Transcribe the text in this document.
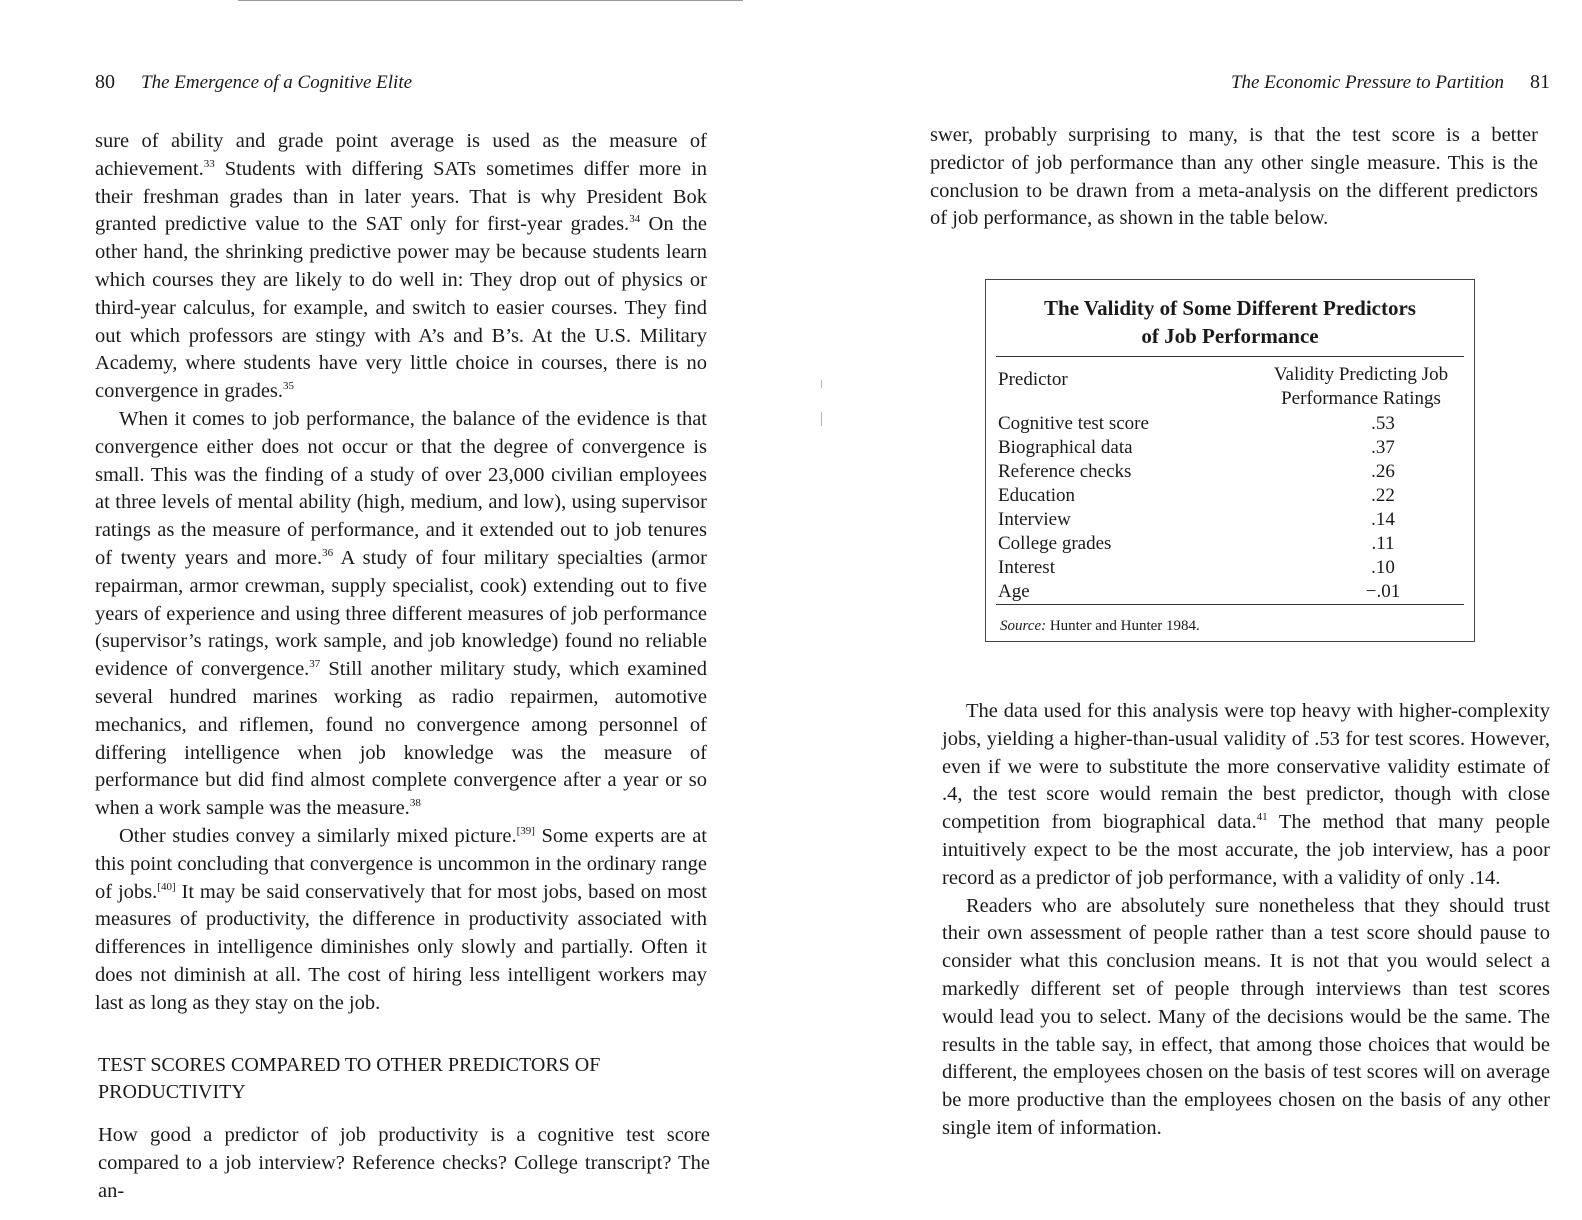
80 The Emergence of a Cognitive Elite

sure of ability and grade point average is used as the measure of achievement.$^{33}$ Students with differing SATs sometimes differ more in their freshman grades than in later years. That is why President Bok granted predictive value to the SAT only for first-year grades.$^{34}$ On the other hand, the shrinking predictive power may be because students learn which courses they are likely to do well in: They drop out of physics or third-year calculus, for example, and switch to easier courses. They find out which professors are stingy with A’s and B’s. At the U.S. Military Academy, where students have very little choice in courses, there is no convergence in grades.$^{35}$

When it comes to job performance, the balance of the evidence is that convergence either does not occur or that the degree of convergence is small. This was the finding of a study of over 23,000 civilian employees at three levels of mental ability (high, medium, and low), using supervisor ratings as the measure of performance, and it extended out to job tenures of twenty years and more.$^{36}$ A study of four military specialties (armor repairman, armor crewman, supply specialist, cook) extending out to five years of experience and using three different measures of job performance (supervisor’s ratings, work sample, and job knowledge) found no reliable evidence of convergence.$^{37}$ Still another military study, which examined several hundred marines working as radio repairmen, automotive mechanics, and riflemen, found no convergence among personnel of differing intelligence when job knowledge was the measure of performance but did find almost complete convergence after a year or so when a work sample was the measure.$^{38}$

Other studies convey a similarly mixed picture.[39] Some experts are at this point concluding that convergence is uncommon in the ordinary range of jobs.[40] It may be said conservatively that for most jobs, based on most measures of productivity, the difference in productivity associated with differences in intelligence diminishes only slowly and partially. Often it does not diminish at all. The cost of hiring less intelligent workers may last as long as they stay on the job.

TEST SCORES COMPARED TO OTHER PREDICTORS OF PRODUCTIVITY

How good a predictor of job productivity is a cognitive test score compared to a job interview? Reference checks? College transcript? The an-

The Economic Pressure to Partition 81

swer, probably surprising to many, is that the test score is a better predictor of job performance than any other single measure. This is the conclusion to be drawn from a meta-analysis on the different predictors of job performance, as shown in the table below.

The Validity of Some Different Predictors
of Job Performance
Predictor	Validity Predicting Job
Performance Ratings
Cognitive test score	.53
Biographical data	.37
Reference checks	.26
Education	.22
Interview	.14
College grades	.11
Interest	.10
Age	−.01
Source: Hunter and Hunter 1984.

The data used for this analysis were top heavy with higher-complexity jobs, yielding a higher-than-usual validity of .53 for test scores. However, even if we were to substitute the more conservative validity estimate of .4, the test score would remain the best predictor, though with close competition from biographical data.$^{41}$ The method that many people intuitively expect to be the most accurate, the job interview, has a poor record as a predictor of job performance, with a validity of only .14.

Readers who are absolutely sure nonetheless that they should trust their own assessment of people rather than a test score should pause to consider what this conclusion means. It is not that you would select a markedly different set of people through interviews than test scores would lead you to select. Many of the decisions would be the same. The results in the table say, in effect, that among those choices that would be different, the employees chosen on the basis of test scores will on average be more productive than the employees chosen on the basis of any other single item of information.
